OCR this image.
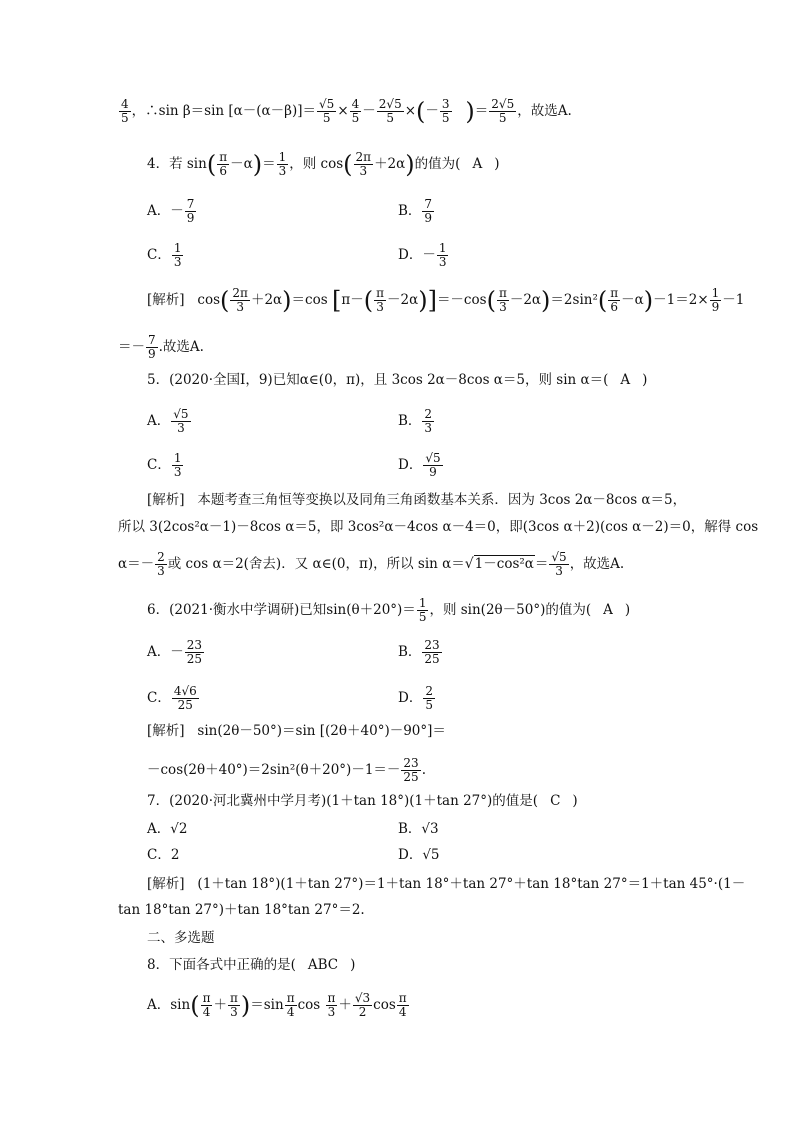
$\frac{4}{5}$ ，∴sin β＝sin $[\alpha-(\alpha-\beta)]= \frac{√5}{5} \times \frac{4}{5} - \frac{2√5}{5}$ ×(－ $\frac{3}{5}$ )＝ $\frac{2√5}{5}$ ，故选A.
4．若 $\sin( \frac{\pi}{6} -\alpha)= \frac{1}{3}$ ，则 $\cos( \frac{2\pi}{3} +2\alpha)$的值为( A )
A．－ $\frac{7}{9}$	B． $\frac{7}{9}$
C． $\frac{1}{3}$	D．－ $\frac{1}{3}$
[解析] $\cos( \frac{2\pi}{3} +2\alpha)=\cos$ $[\pi-( \frac{\pi}{3} -2\alpha)]=-\cos( \frac{\pi}{3} -2\alpha)=2\sin^2( \frac{\pi}{6} -\alpha)-1=2\times \frac{1}{9} -1$
＝－ $\frac{7}{9}$ .故选A.
5．(2020·全国Ⅰ，9)已知α∈(0，π)，且 3cos 2α－8cos α＝5，则 sin α＝( A )
A． $\frac{√5}{3}$	B． $\frac{2}{3}$
C． $\frac{1}{3}$	D． $\frac{√5}{9}$
[解析] 本题考查三角恒等变换以及同角三角函数基本关系．因为 3cos 2α－8cos α＝5，
所以 3(2cos²α－1)－8cos α＝5，即 3cos²α－4cos α－4＝0，即(3cos α＋2)(cos α－2)＝0，解得 cos
$\alpha=- \frac{2}{3}$ 或 cos α＝2(舍去)．又 α∈(0，π)，所以 $\sin \alpha=√1-\cos^2\alpha= \frac{√5}{3}$ ，故选A.
6．(2021·衡水中学调研)已知$\sin(\theta+20^\circ)= \frac{1}{5}$ ，则 sin(2θ－50°)的值为( A )
A．－ $\frac{23}{25}$	B． $\frac{23}{25}$
C． $\frac{4√6}{25}$	D． $\frac{2}{5}$
[解析] sin(2θ－50°)＝sin [(2θ＋40°)－90°]＝
$-\cos(2\theta+40^\circ)=2\sin^2(\theta+20^\circ)-1=- \frac{23}{25}$ .
7．(2020·河北冀州中学月考)(1＋tan 18°)(1＋tan 27°)的值是( C )
A．√2	B．√3
C．2	D．√5
[解析] (1＋tan 18°)(1＋tan 27°)＝1＋tan 18°＋tan 27°＋tan 18°tan 27°＝1＋tan 45°·(1－
tan 18°tan 27°)＋tan 18°tan 27°＝2.
二、多选题
8．下面各式中正确的是( ABC )
A．$\sin( \frac{\pi}{4} + \frac{\pi}{3} )=\sin \frac{\pi}{4}$ $\cos \frac{\pi}{3} + \frac{√3}{2}$ $\cos \frac{\pi}{4}$
